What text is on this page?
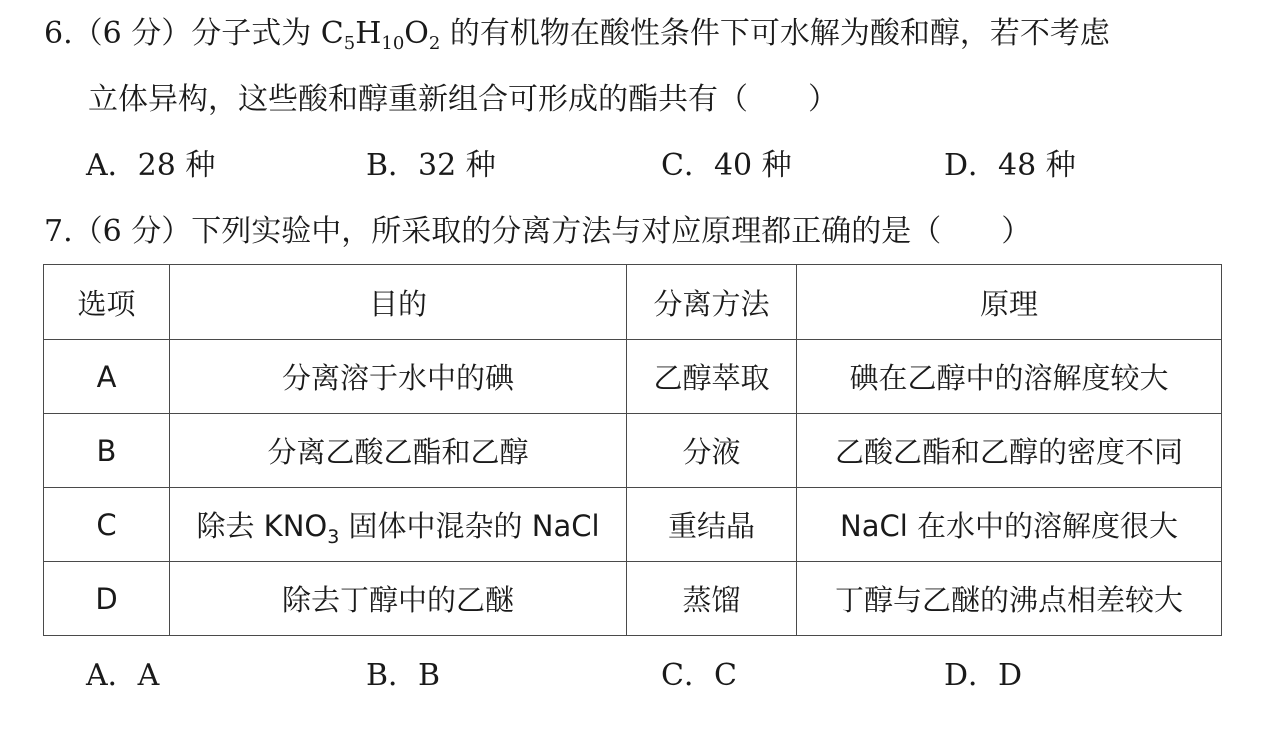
6.（6 分）分子式为 $C_5H_{10}O_2$ 的有机物在酸性条件下可水解为酸和醇，若不考虑
立体异构，这些酸和醇重新组合可形成的酯共有（　　）
A．28 种	B．32 种	C．40 种	D．48 种
7.（6 分）下列实验中，所采取的分离方法与对应原理都正确的是（　　）
选项	目的	分离方法	原理
A	分离溶于水中的碘	乙醇萃取	碘在乙醇中的溶解度较大
B	分离乙酸乙酯和乙醇	分液	乙酸乙酯和乙醇的密度不同
C	除去 $KNO_3$ 固体中混杂的 NaCl	重结晶	NaCl 在水中的溶解度很大
D	除去丁醇中的乙醚	蒸馏	丁醇与乙醚的沸点相差较大
A．A	B．B	C．C	D．D
